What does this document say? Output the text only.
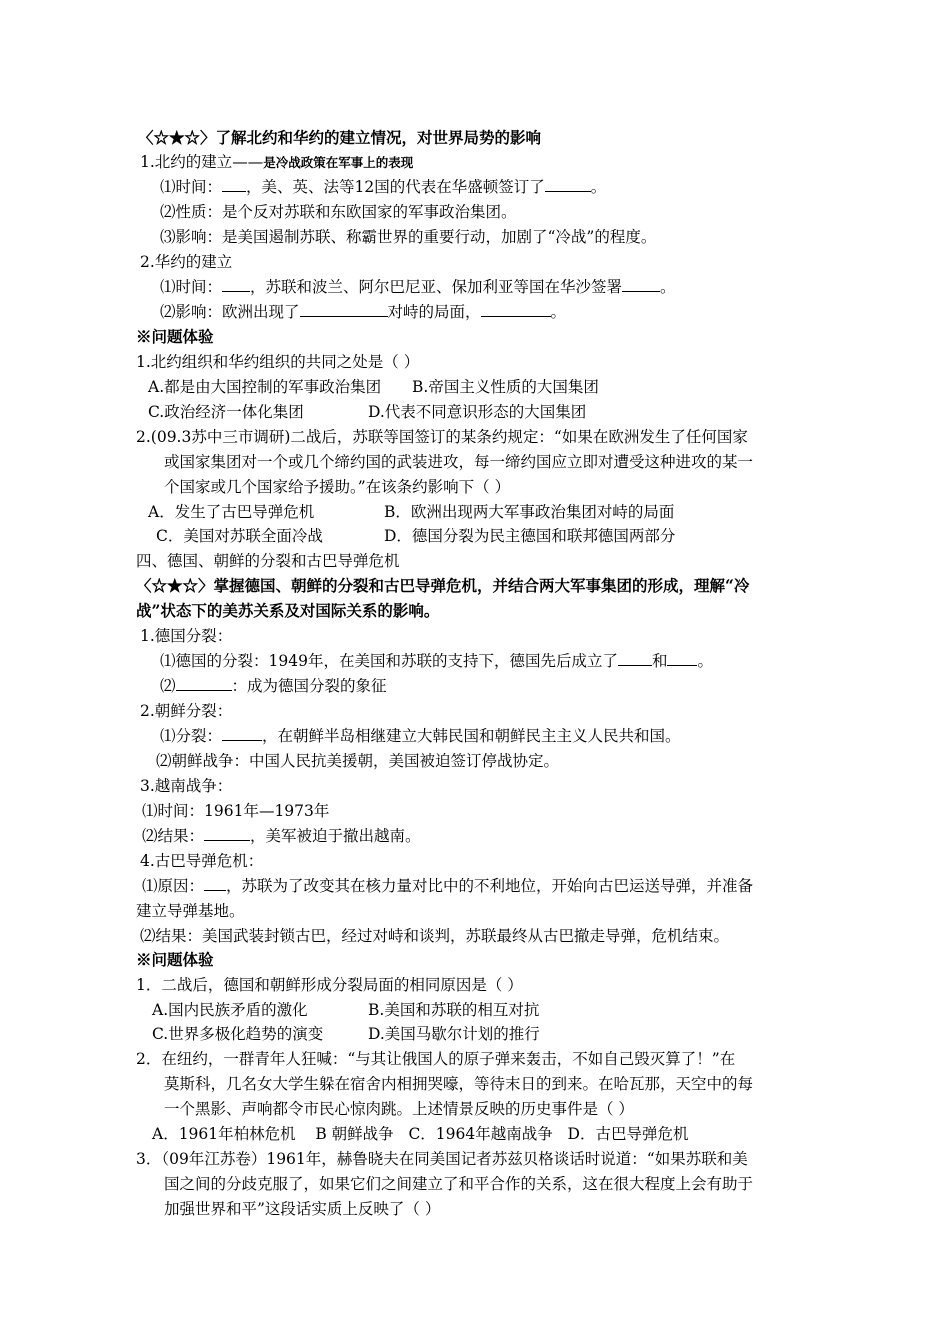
〈☆★☆〉了解北约和华约的建立情况，对世界局势的影响
1.北约的建立——是冷战政策在军事上的表现
⑴时间： ，美、英、法等12国的代表在华盛顿签订了	。
⑵性质：是个反对苏联和东欧国家的军事政治集团。
⑶影响：是美国遏制苏联、称霸世界的重要行动，加剧了“冷战”的程度。
2.华约的建立
⑴时间： ，苏联和波兰、阿尔巴尼亚、保加利亚等国在华沙签署 。
⑵影响：欧洲出现了	对峙的局面，	。
※问题体验
1.北约组织和华约组织的共同之处是（ ）
A.都是由大国控制的军事政治集团 B.帝国主义性质的大国集团
C.政治经济一体化集团	D.代表不同意识形态的大国集团
2.(09.3苏中三市调研)二战后，苏联等国签订的某条约规定：“如果在欧洲发生了任何国家
或国家集团对一个或几个缔约国的武装进攻，每一缔约国应立即对遭受这种进攻的某一
个国家或几个国家给予援助。”在该条约影响下（ ）
A．发生了古巴导弹危机	B．欧洲出现两大军事政治集团对峙的局面
C．美国对苏联全面冷战	D．德国分裂为民主德国和联邦德国两部分
四、德国、朝鲜的分裂和古巴导弹危机
〈☆★☆〉掌握德国、朝鲜的分裂和古巴导弹危机，并结合两大军事集团的形成，理解“冷
战”状态下的美苏关系及对国际关系的影响。
1.德国分裂：
⑴德国的分裂：1949年，在美国和苏联的支持下，德国先后成立了 和 。
⑵	：成为德国分裂的象征
2.朝鲜分裂：
⑴分裂：	，在朝鲜半岛相继建立大韩民国和朝鲜民主主义人民共和国。
⑵朝鲜战争：中国人民抗美援朝，美国被迫签订停战协定。
3.越南战争：
⑴时间：1961年—1973年
⑵结果：	，美军被迫于撤出越南。
4.古巴导弹危机：
⑴原因： ，苏联为了改变其在核力量对比中的不利地位，开始向古巴运送导弹，并准备
建立导弹基地。
⑵结果：美国武装封锁古巴，经过对峙和谈判，苏联最终从古巴撤走导弹，危机结束。
※问题体验
1．二战后，德国和朝鲜形成分裂局面的相同原因是（ ）
A.国内民族矛盾的激化	B.美国和苏联的相互对抗
C.世界多极化趋势的演变	D.美国马歇尔计划的推行
2．在纽约，一群青年人狂喊：“与其让俄国人的原子弹来轰击，不如自己毁灭算了！”在
莫斯科，几名女大学生躲在宿舍内相拥哭嚎，等待末日的到来。在哈瓦那，天空中的每
一个黑影、声响都令市民心惊肉跳。上述情景反映的历史事件是（ ）
A．1961年柏林危机    B 朝鲜战争   C．1964年越南战争   D．古巴导弹危机
3．（09年江苏卷）1961年，赫鲁晓夫在同美国记者苏兹贝格谈话时说道：“如果苏联和美
国之间的分歧克服了，如果它们之间建立了和平合作的关系，这在很大程度上会有助于
加强世界和平”这段话实质上反映了（ ）
